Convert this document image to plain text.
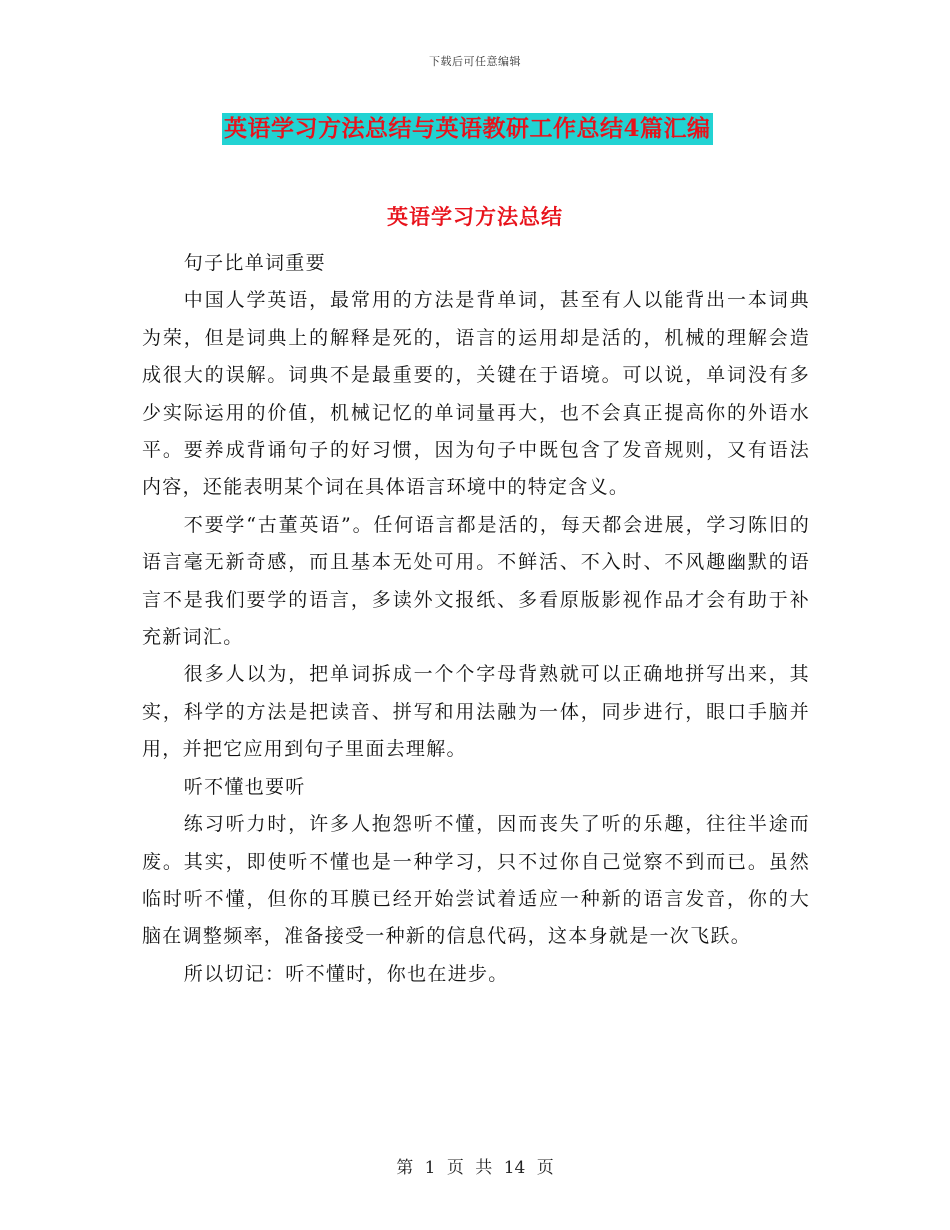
下载后可任意编辑
英语学习方法总结与英语教研工作总结4篇汇编
英语学习方法总结

句子比单词重要

中国人学英语，最常用的方法是背单词，甚至有人以能背出一本词典为荣，但是词典上的解释是死的，语言的运用却是活的，机械的理解会造成很大的误解。词典不是最重要的，关键在于语境。可以说，单词没有多少实际运用的价值，机械记忆的单词量再大，也不会真正提高你的外语水平。要养成背诵句子的好习惯，因为句子中既包含了发音规则，又有语法内容，还能表明某个词在具体语言环境中的特定含义。

不要学“古董英语”。任何语言都是活的，每天都会进展，学习陈旧的语言毫无新奇感，而且基本无处可用。不鲜活、不入时、不风趣幽默的语言不是我们要学的语言，多读外文报纸、多看原版影视作品才会有助于补充新词汇。

很多人以为，把单词拆成一个个字母背熟就可以正确地拼写出来，其实，科学的方法是把读音、拼写和用法融为一体，同步进行，眼口手脑并用，并把它应用到句子里面去理解。

听不懂也要听

练习听力时，许多人抱怨听不懂，因而丧失了听的乐趣，往往半途而废。其实，即使听不懂也是一种学习，只不过你自己觉察不到而已。虽然临时听不懂，但你的耳膜已经开始尝试着适应一种新的语言发音，你的大脑在调整频率，准备接受一种新的信息代码，这本身就是一次飞跃。

所以切记：听不懂时，你也在进步。

第 1 页 共 14 页
